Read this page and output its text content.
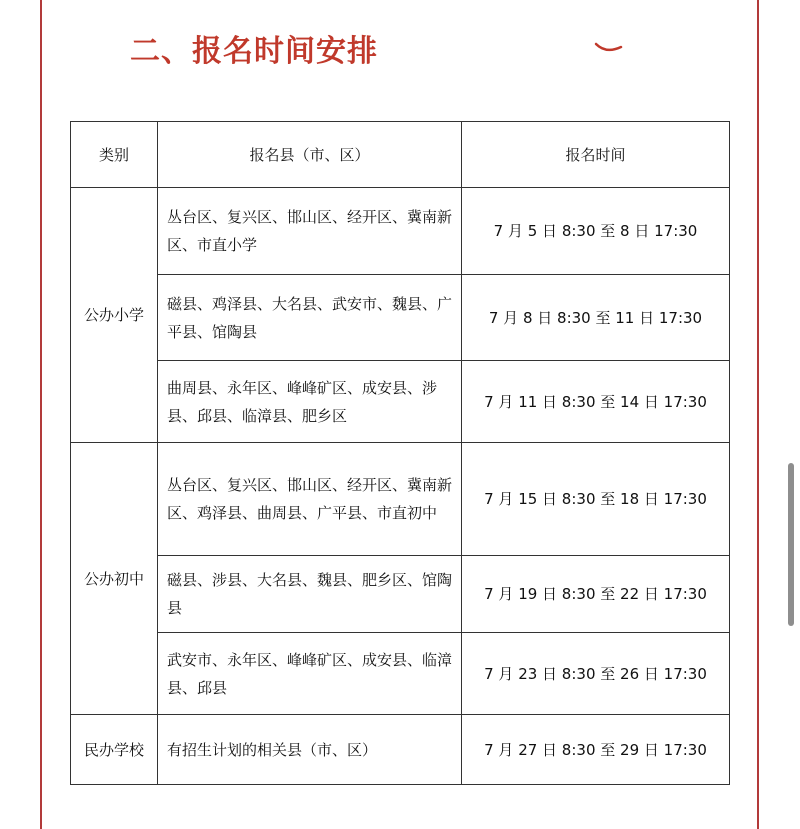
二、报名时间安排
类别	报名县（市、区）	报名时间
公办小学	丛台区、复兴区、邯山区、经开区、冀南新区、市直小学	7 月 5 日 8:30 至 8 日 17:30
	磁县、鸡泽县、大名县、武安市、魏县、广平县、馆陶县	7 月 8 日 8:30 至 11 日 17:30
	曲周县、永年区、峰峰矿区、成安县、涉县、邱县、临漳县、肥乡区	7 月 11 日 8:30 至 14 日 17:30
公办初中	丛台区、复兴区、邯山区、经开区、冀南新区、鸡泽县、曲周县、广平县、市直初中	7 月 15 日 8:30 至 18 日 17:30
	磁县、涉县、大名县、魏县、肥乡区、馆陶县	7 月 19 日 8:30 至 22 日 17:30
	武安市、永年区、峰峰矿区、成安县、临漳县、邱县	7 月 23 日 8:30 至 26 日 17:30
民办学校	有招生计划的相关县（市、区）	7 月 27 日 8:30 至 29 日 17:30
